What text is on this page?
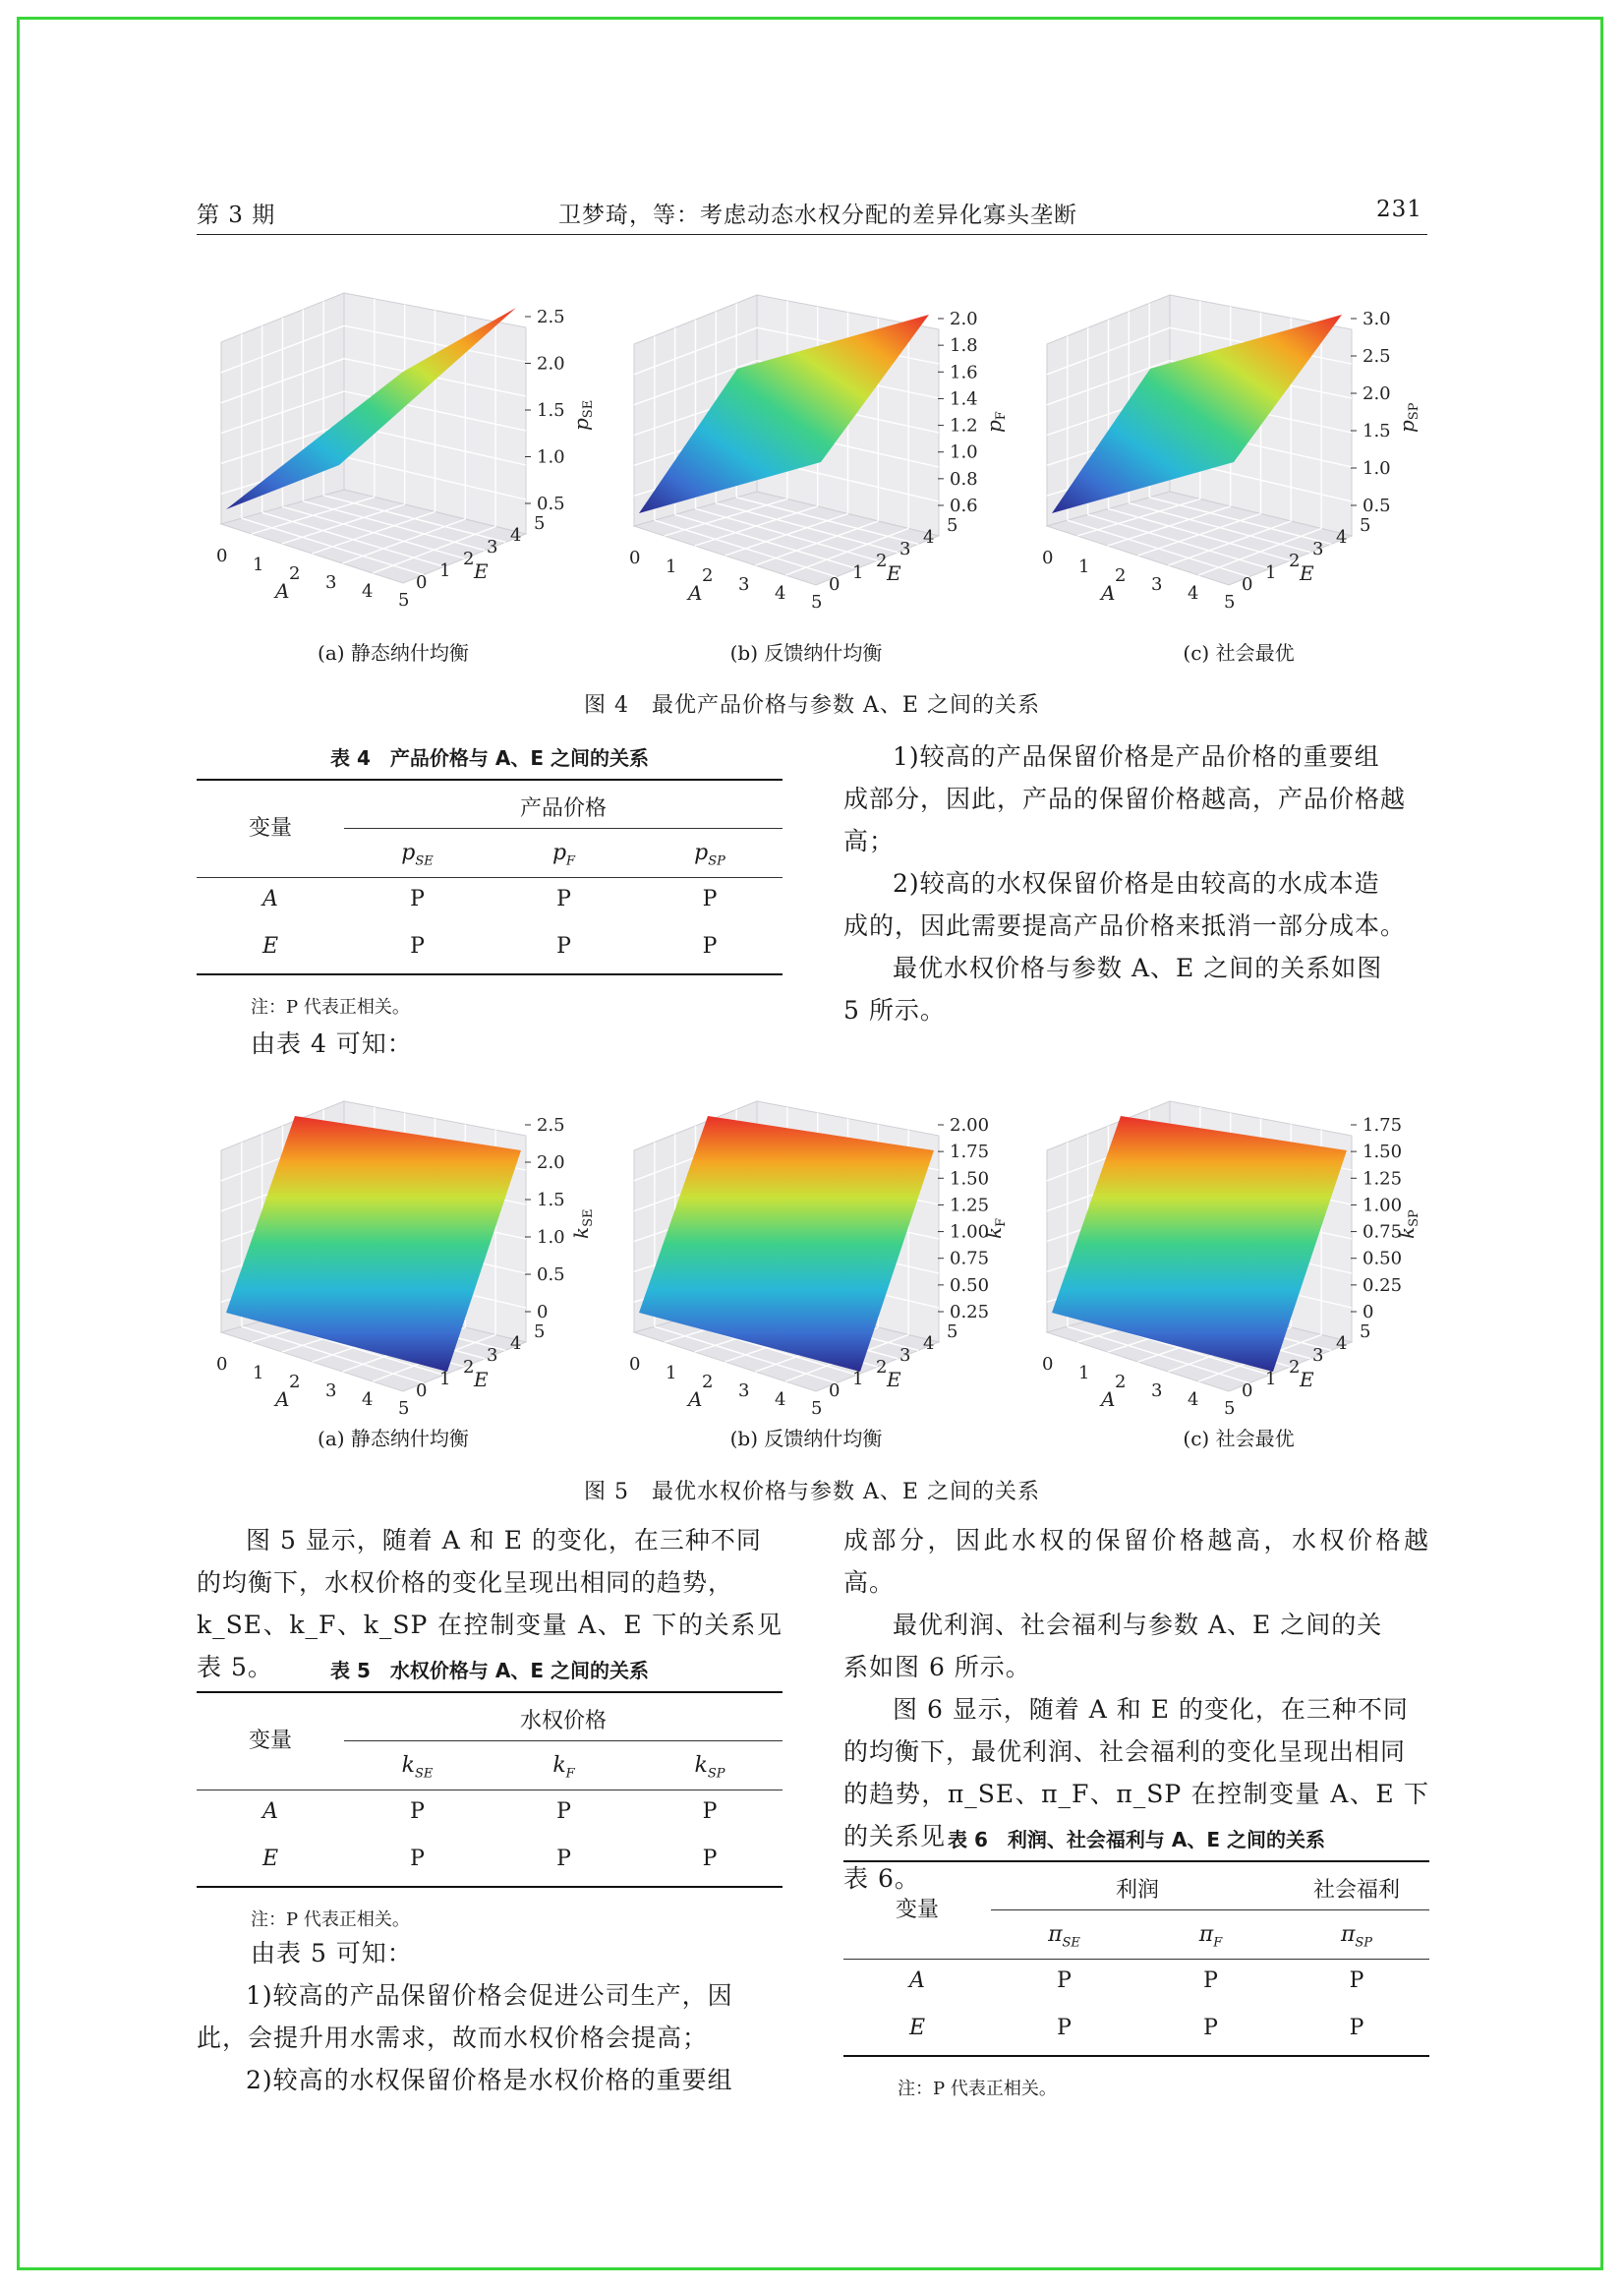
第 3 期	卫梦琦，等：考虑动态水权分配的差异化寡头垄断	231
0.5
1.0
1.5
2.0
2.5
$p_{SE}$
0 1 2 3 4 5
A	0
1
2
3
4
5
E
0.6
0.8
1.0
1.2
1.4
1.6
1.8
2.0
$p_F$
0 1 2 3 4 5
A	0
1
2
3
4
5
E
0.5
1.0
1.5
2.0
2.5
3.0
$p_{SP}$
0 1 2 3 4 5
A	0
1
2
3
4
5
E
(a) 静态纳什均衡	(b) 反馈纳什均衡	(c) 社会最优
图 4　最优产品价格与参数 A、E 之间的关系
表 4　产品价格与 A、E 之间的关系
变量
产品价格
$p_{SE}$	$p_F$	$p_{SP}$
A	P	P	P
E	P	P	P
注：P 代表正相关。
由表 4 可知：
1)较高的产品保留价格是产品价格的重要组
成部分，因此，产品的保留价格越高，产品价格越
高；
2)较高的水权保留价格是由较高的水成本造
成的，因此需要提高产品价格来抵消一部分成本。
最优水权价格与参数 A、E 之间的关系如图
5 所示。
0
0.5
1.0
1.5
2.0
2.5
$k_{SE}$
0 1 2 3 4 5
A	0
1
2
3
4
5
E
0.25
0.50
0.75
1.00
1.25
1.50
1.75
2.00
$k_F$
0 1 2 3 4 5
A	0
1
2
3
4
5
E
0
0.25
0.50
0.75
1.00
1.25
1.50
1.75
$k_{SP}$
0 1 2 3 4 5
A	0
1
2
3
4
5
E
(a) 静态纳什均衡	(b) 反馈纳什均衡	(c) 社会最优
图 5　最优水权价格与参数 A、E 之间的关系
图 5 显示，随着 A 和 E 的变化，在三种不同
的均衡下，水权价格的变化呈现出相同的趋势，
k_SE、k_F、k_SP 在控制变量 A、E 下的关系见表 5。	表 5　水权价格与 A、E 之间的关系
变量
水权价格
$k_{SE}$	$k_F$	$k_{SP}$
A	P	P	P
E	P	P	P
注：P 代表正相关。
由表 5 可知：
1)较高的产品保留价格会促进公司生产，因
此，会提升用水需求，故而水权价格会提高；
2)较高的水权保留价格是水权价格的重要组
成部分，因此水权的保留价格越高，水权价格越高。
最优利润、社会福利与参数 A、E 之间的关
系如图 6 所示。
图 6 显示，随着 A 和 E 的变化，在三种不同
的均衡下，最优利润、社会福利的变化呈现出相同
的趋势，π_SE、π_F、π_SP 在控制变量 A、E 下的关系见
表 6。
表 6　利润、社会福利与 A、E 之间的关系
变量
利润	社会福利
$\pi_{SE}$	$\pi_F$	$\pi_{SP}$
A	P	P	P
E	P	P	P
注：P 代表正相关。
